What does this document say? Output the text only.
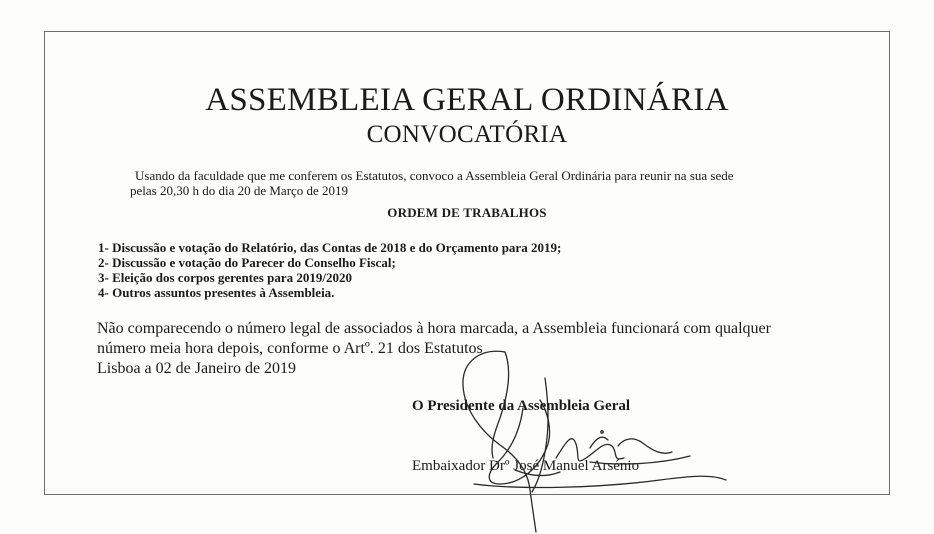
ASSEMBLEIA GERAL ORDINÁRIA
CONVOCATÓRIA
Usando da faculdade que me conferem os Estatutos, convoco a Assembleia Geral Ordinária para reunir na sua sede
pelas 20,30 h do dia 20 de Março de 2019
ORDEM DE TRABALHOS
1- Discussão e votação do Relatório, das Contas de 2018 e do Orçamento para 2019;
2- Discussão e votação do Parecer do Conselho Fiscal;
3- Eleição dos corpos gerentes para 2019/2020
4- Outros assuntos presentes à Assembleia.
Não comparecendo o número legal de associados à hora marcada, a Assembleia funcionará com qualquer
número meia hora depois, conforme o Artº. 21 dos Estatutos
Lisboa a 02 de Janeiro de 2019
O Presidente da Assembleia Geral
Embaixador Drº José Manuel Arsénio
